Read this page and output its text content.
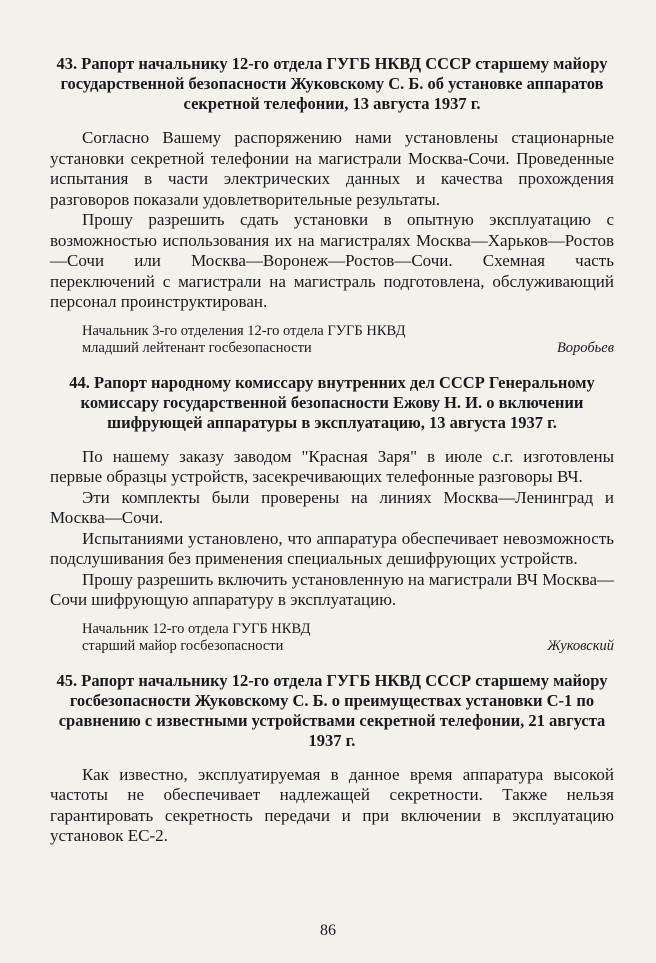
43. Рапорт начальнику 12-го отдела ГУГБ НКВД СССР старшему майору государственной безопасности Жуковскому С. Б. об установке аппаратов секретной телефонии, 13 августа 1937 г.

Согласно Вашему распоряжению нами установлены стационарные установки секретной телефонии на магистрали Москва-Сочи. Проведенные испытания в части электрических данных и качества прохождения разговоров показали удовлетворительные результаты.

Прошу разрешить сдать установки в опытную эксплуатацию с возможностью использования их на магистралях Москва—Харьков—Ростов—Сочи или Москва—Воронеж—Ростов—Сочи. Схемная часть переключений с магистрали на магистраль подготовлена, обслуживающий персонал проинструктирован.

Начальник 3-го отделения 12-го отдела ГУГБ НКВД
младший лейтенант госбезопасности	Воробьев
44. Рапорт народному комиссару внутренних дел СССР Генеральному комиссару государственной безопасности Ежову Н. И. о включении шифрующей аппаратуры в эксплуатацию, 13 августа 1937 г.

По нашему заказу заводом "Красная Заря" в июле с.г. изготовлены первые образцы устройств, засекречивающих телефонные разговоры ВЧ.

Эти комплекты были проверены на линиях Москва—Ленинград и Москва—Сочи.

Испытаниями установлено, что аппаратура обеспечивает невозможность подслушивания без применения специальных дешифрующих устройств.

Прошу разрешить включить установленную на магистрали ВЧ Москва—Сочи шифрующую аппаратуру в эксплуатацию.

Начальник 12-го отдела ГУГБ НКВД
старший майор госбезопасности	Жуковский
45. Рапорт начальнику 12-го отдела ГУГБ НКВД СССР старшему майору госбезопасности Жуковскому С. Б. о преимуществах установки С-1 по сравнению с известными устройствами секретной телефонии, 21 августа 1937 г.

Как известно, эксплуатируемая в данное время аппаратура высокой частоты не обеспечивает надлежащей секретности. Также нельзя гарантировать секретность передачи и при включении в эксплуатацию установок ЕС-2.

86
